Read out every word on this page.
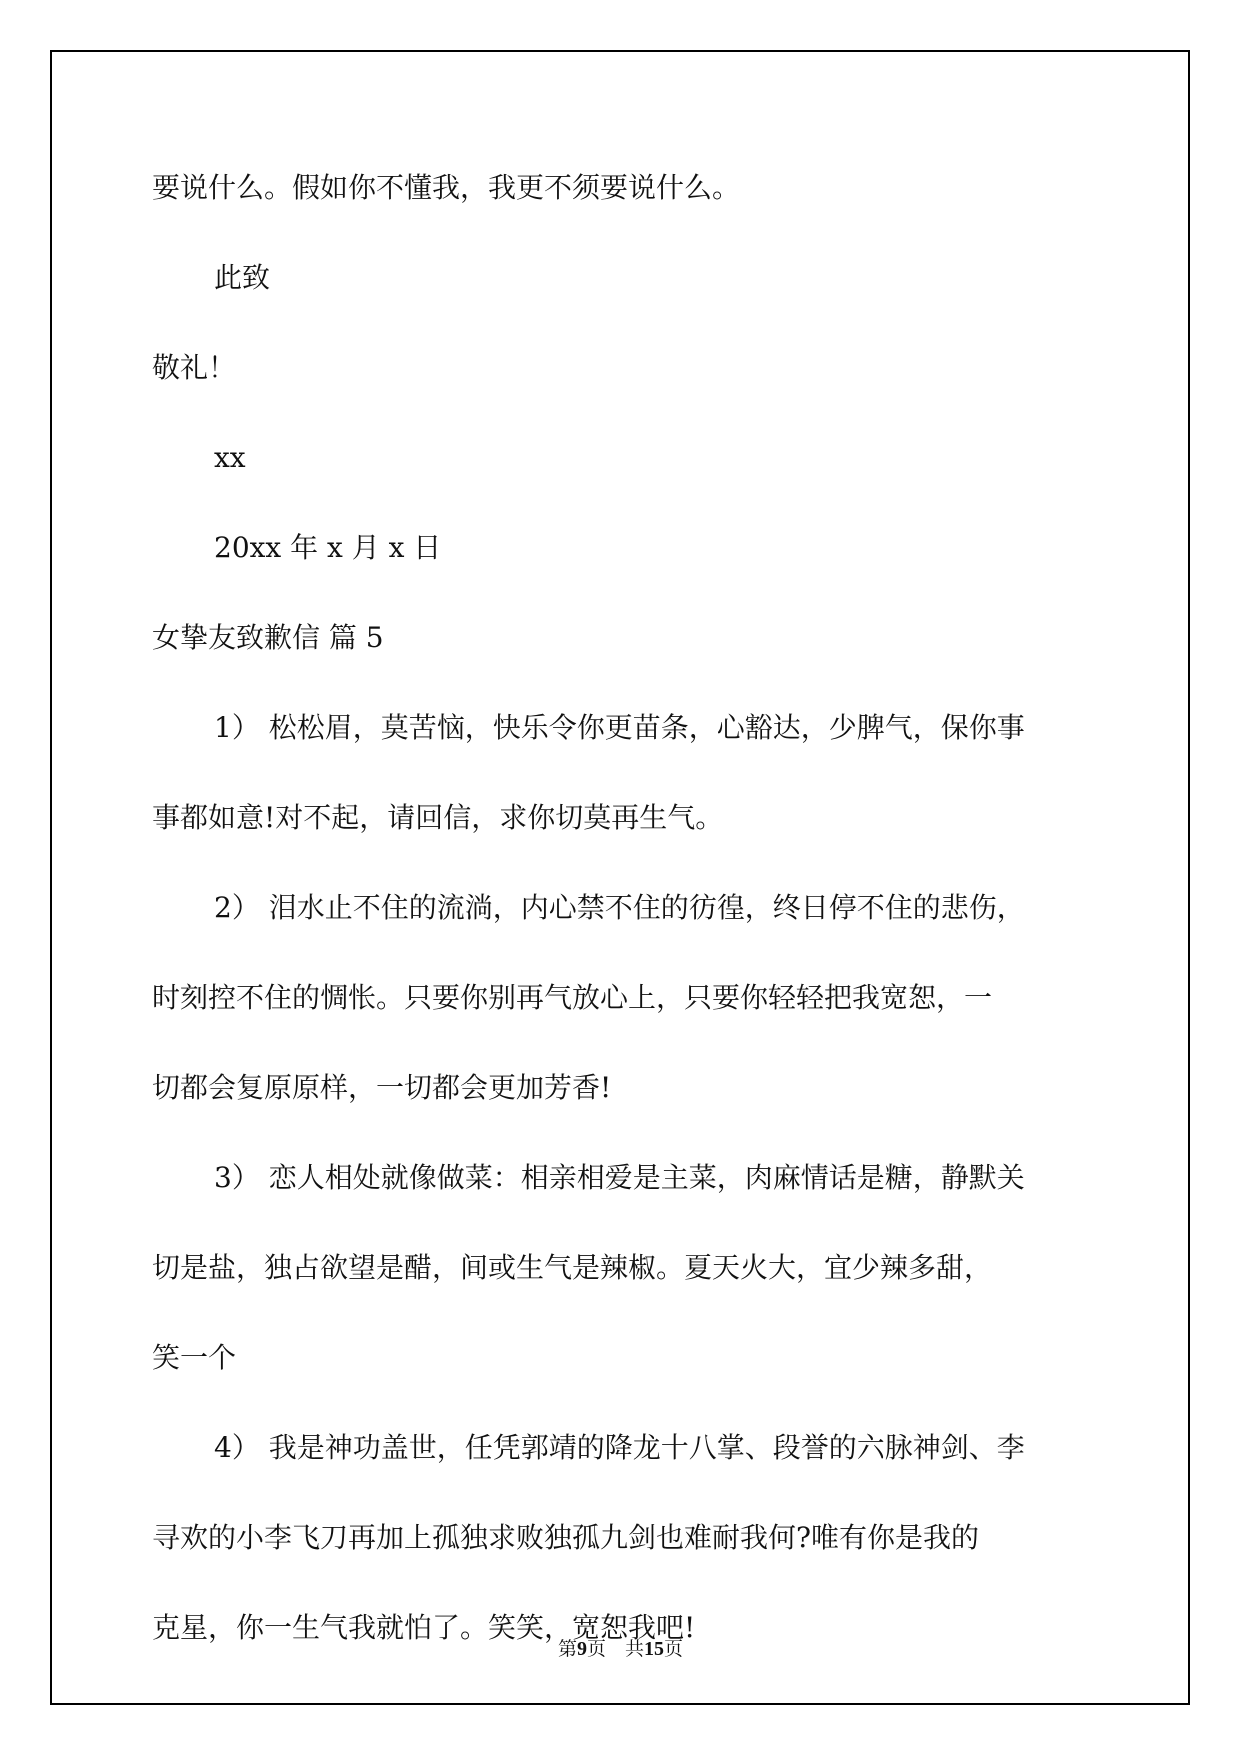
要说什么。假如你不懂我，我更不须要说什么。

此致

敬礼！

xx

20xx 年 x 月 x 日

女挚友致歉信 篇 5

1） 松松眉，莫苦恼，快乐令你更苗条，心豁达，少脾气，保你事
事都如意!对不起，请回信，求你切莫再生气。
2） 泪水止不住的流淌，内心禁不住的彷徨，终日停不住的悲伤，
时刻控不住的惆怅。只要你别再气放心上，只要你轻轻把我宽恕，一
切都会复原原样，一切都会更加芳香!
3） 恋人相处就像做菜：相亲相爱是主菜，肉麻情话是糖，静默关
切是盐，独占欲望是醋，间或生气是辣椒。夏天火大，宜少辣多甜，
笑一个
4） 我是神功盖世，任凭郭靖的降龙十八掌、段誉的六脉神剑、李
寻欢的小李飞刀再加上孤独求败独孤九剑也难耐我何?唯有你是我的
克星，你一生气我就怕了。笑笑，宽恕我吧!
第9页　共15页
